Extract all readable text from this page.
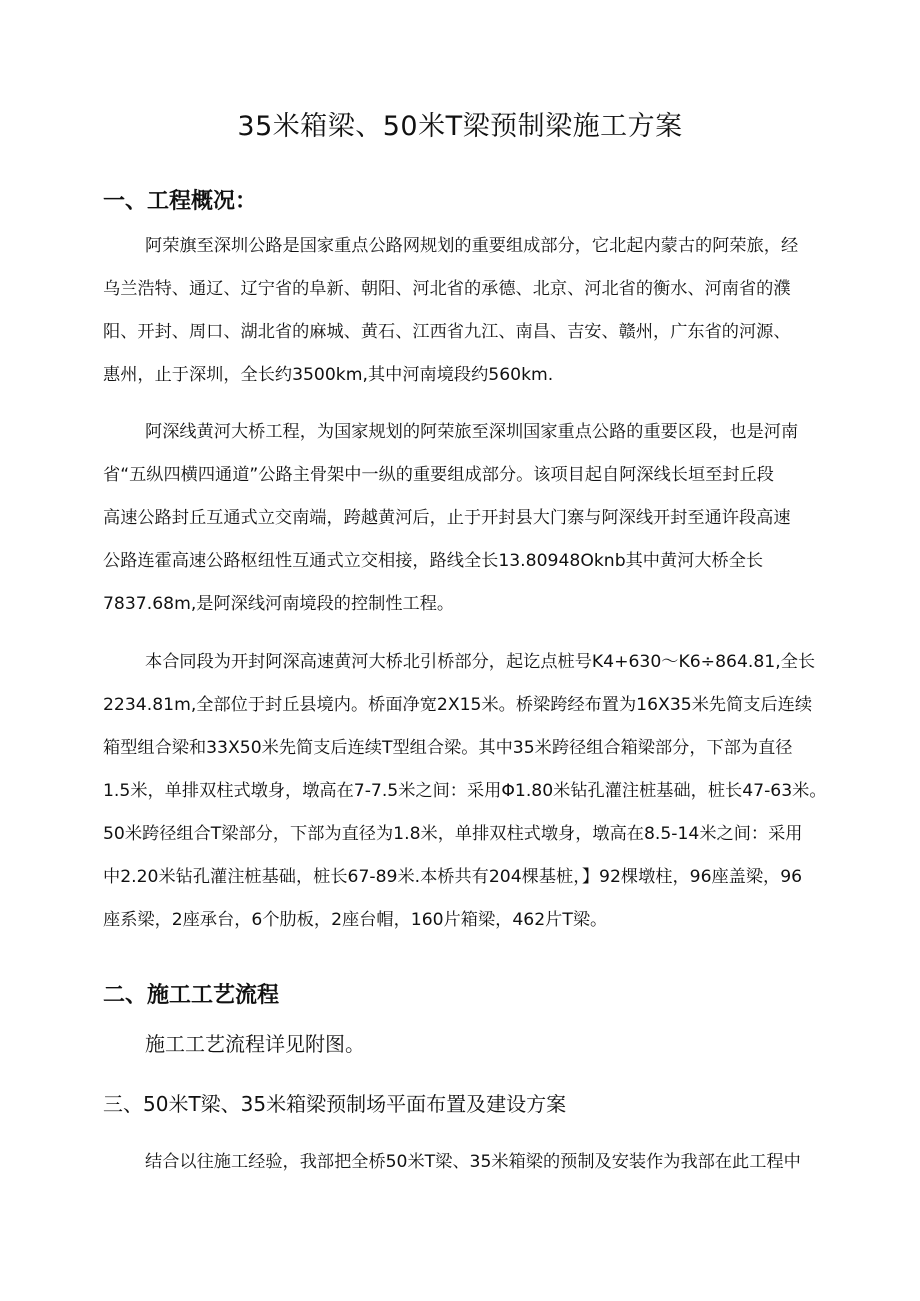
35米箱梁、50米T梁预制梁施工方案
一、工程概况：
阿荣旗至深圳公路是国家重点公路网规划的重要组成部分，它北起内蒙古的阿荣旅，经
乌兰浩特、通辽、辽宁省的阜新、朝阳、河北省的承德、北京、河北省的衡水、河南省的濮
阳、开封、周口、湖北省的麻城、黄石、江西省九江、南昌、吉安、赣州，广东省的河源、
惠州，止于深圳，全长约3500km,其中河南境段约560km.
阿深线黄河大桥工程，为国家规划的阿荣旅至深圳国家重点公路的重要区段，也是河南
省“五纵四横四通道”公路主骨架中一纵的重要组成部分。该项目起自阿深线长垣至封丘段
高速公路封丘互通式立交南端，跨越黄河后，止于开封县大门寨与阿深线开封至通许段高速
公路连霍高速公路枢纽性互通式立交相接，路线全长13.80948Oknb其中黄河大桥全长
7837.68m,是阿深线河南境段的控制性工程。
本合同段为开封阿深高速黄河大桥北引桥部分，起讫点桩号K4+630～K6÷864.81,全长
2234.81m,全部位于封丘县境内。桥面净宽2X15米。桥梁跨经布置为16X35米先简支后连续
箱型组合梁和33X50米先简支后连续T型组合梁。其中35米跨径组合箱梁部分，下部为直径
1.5米，单排双柱式墩身，墩高在7-7.5米之间：采用Φ1.80米钻孔灌注桩基础，桩长47-63米。
50米跨径组合T梁部分，下部为直径为1.8米，单排双柱式墩身，墩高在8.5-14米之间：采用
中2.20米钻孔灌注桩基础，桩长67-89米.本桥共有204棵基桩，】92棵墩柱，96座盖梁，96
座系梁，2座承台，6个肋板，2座台帽，160片箱梁，462片T梁。
二、施工工艺流程
施工工艺流程详见附图。
三、50米T梁、35米箱梁预制场平面布置及建设方案
结合以往施工经验，我部把全桥50米T梁、35米箱梁的预制及安装作为我部在此工程中
